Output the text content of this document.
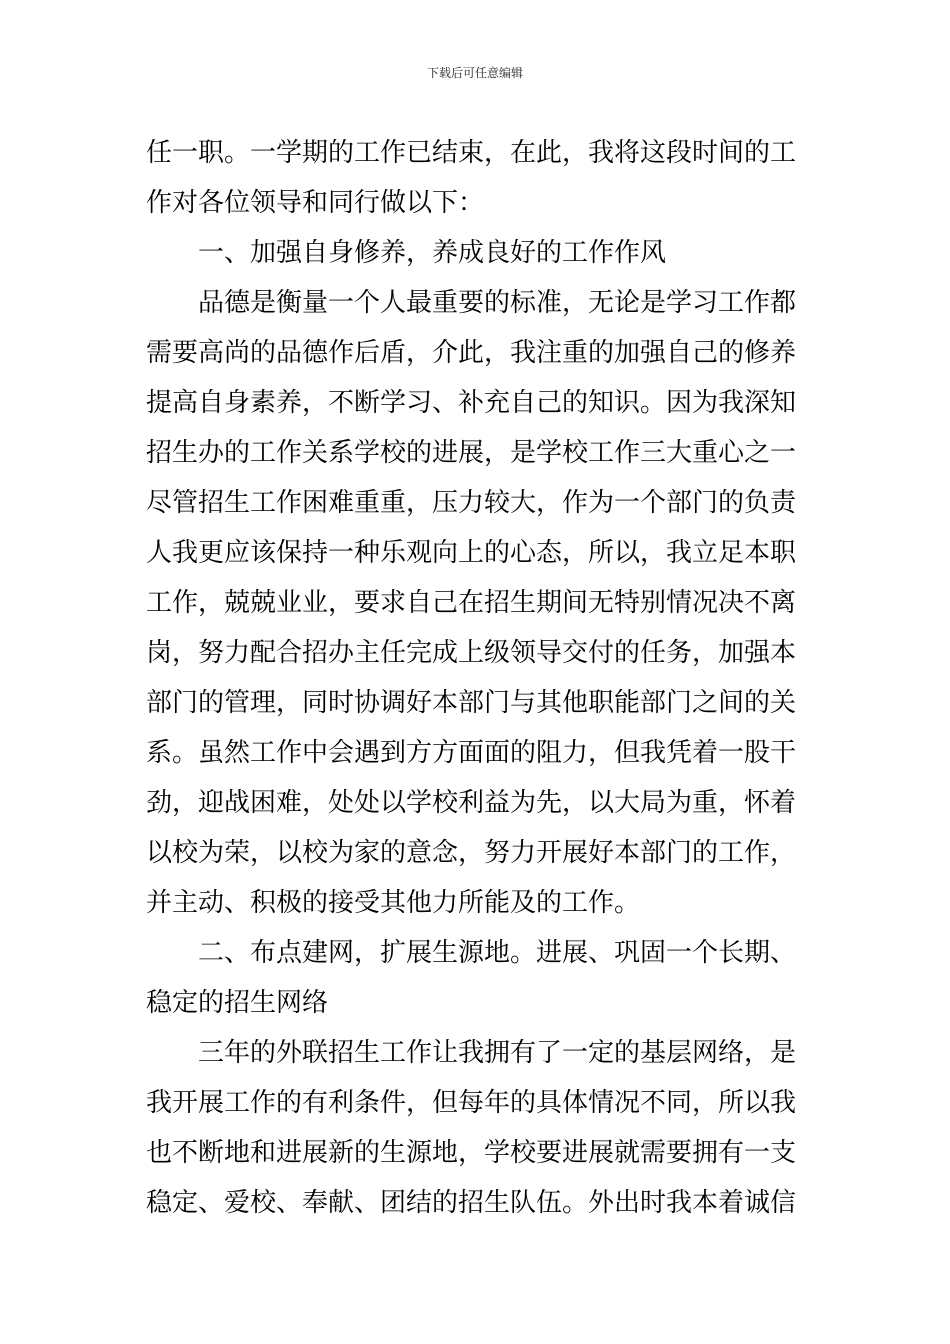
下载后可任意编辑
任一职。一学期的工作已结束，在此，我将这段时间的工
作对各位领导和同行做以下：
一、加强自身修养，养成良好的工作作风
品德是衡量一个人最重要的标准，无论是学习工作都
需要高尚的品德作后盾，介此，我注重的加强自己的修养
提高自身素养，不断学习、补充自己的知识。因为我深知
招生办的工作关系学校的进展，是学校工作三大重心之一
尽管招生工作困难重重，压力较大，作为一个部门的负责
人我更应该保持一种乐观向上的心态，所以，我立足本职
工作，兢兢业业，要求自己在招生期间无特别情况决不离
岗，努力配合招办主任完成上级领导交付的任务，加强本
部门的管理，同时协调好本部门与其他职能部门之间的关
系。虽然工作中会遇到方方面面的阻力，但我凭着一股干
劲，迎战困难，处处以学校利益为先，以大局为重，怀着
以校为荣，以校为家的意念，努力开展好本部门的工作，
并主动、积极的接受其他力所能及的工作。
二、布点建网，扩展生源地。进展、巩固一个长期、
稳定的招生网络
三年的外联招生工作让我拥有了一定的基层网络，是
我开展工作的有利条件，但每年的具体情况不同，所以我
也不断地和进展新的生源地，学校要进展就需要拥有一支
稳定、爱校、奉献、团结的招生队伍。外出时我本着诚信
